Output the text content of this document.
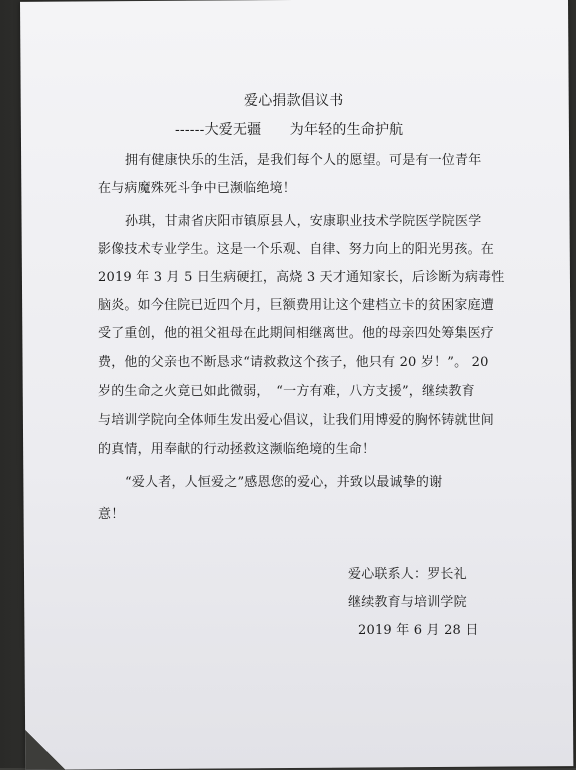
爱心捐款倡议书
------大爱无疆　　为年轻的生命护航
拥有健康快乐的生活，是我们每个人的愿望。可是有一位青年
在与病魔殊死斗争中已濒临绝境！
孙琪，甘肃省庆阳市镇原县人，安康职业技术学院医学院医学
影像技术专业学生。这是一个乐观、自律、努力向上的阳光男孩。在
2019 年 3 月 5 日生病硬扛，高烧 3 天才通知家长，后诊断为病毒性
脑炎。如今住院已近四个月，巨额费用让这个建档立卡的贫困家庭遭
受了重创，他的祖父祖母在此期间相继离世。他的母亲四处筹集医疗
费，他的父亲也不断恳求“请救救这个孩子，他只有 20 岁！”。 20
岁的生命之火竟已如此微弱，　“一方有难，八方支援”，继续教育
与培训学院向全体师生发出爱心倡议，让我们用博爱的胸怀铸就世间
的真情，用奉献的行动拯救这濒临绝境的生命！
“爱人者，人恒爱之”感恩您的爱心，并致以最诚挚的谢
意！
爱心联系人：罗长礼
继续教育与培训学院
2019 年 6 月 28 日
